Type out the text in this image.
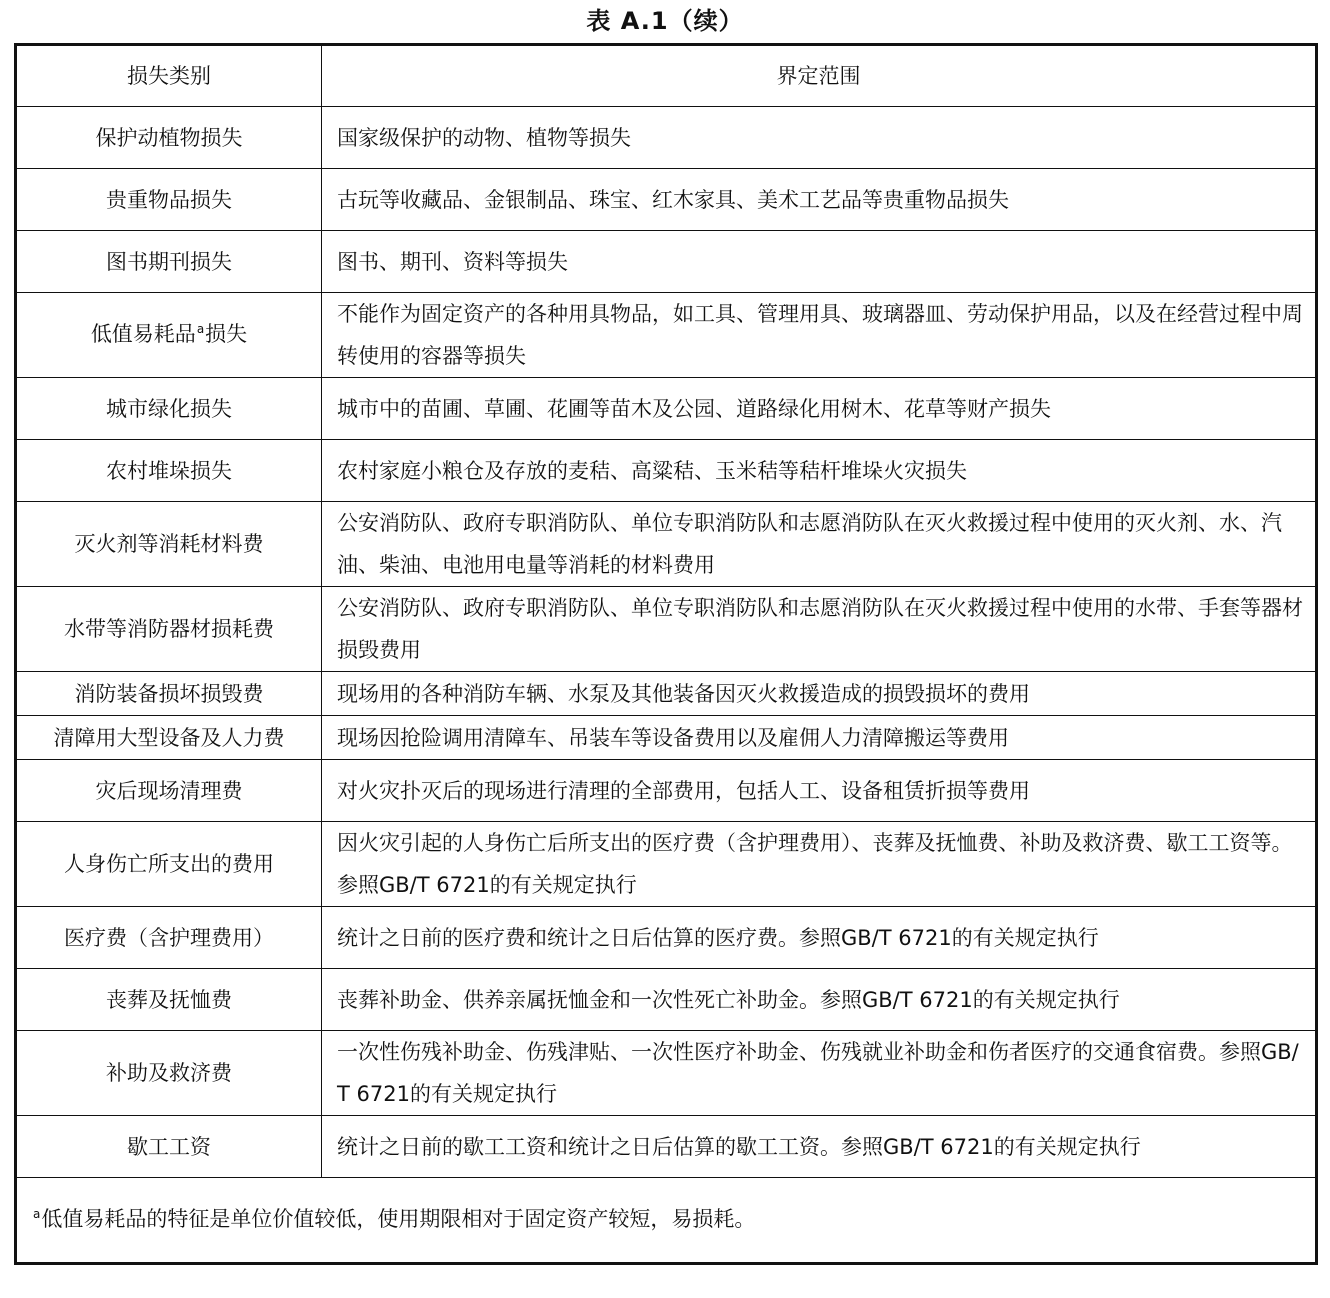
表 A.1（续）
损失类别	界定范围
保护动植物损失	国家级保护的动物、植物等损失
贵重物品损失	古玩等收藏品、金银制品、珠宝、红木家具、美术工艺品等贵重物品损失
图书期刊损失	图书、期刊、资料等损失
低值易耗品$^a$损失	不能作为固定资产的各种用具物品，如工具、管理用具、玻璃器皿、劳动保护用品，以及在经营过程中周转使用的容器等损失
城市绿化损失	城市中的苗圃、草圃、花圃等苗木及公园、道路绿化用树木、花草等财产损失
农村堆垛损失	农村家庭小粮仓及存放的麦秸、高粱秸、玉米秸等秸杆堆垛火灾损失
灭火剂等消耗材料费	公安消防队、政府专职消防队、单位专职消防队和志愿消防队在灭火救援过程中使用的灭火剂、水、汽油、柴油、电池用电量等消耗的材料费用
水带等消防器材损耗费	公安消防队、政府专职消防队、单位专职消防队和志愿消防队在灭火救援过程中使用的水带、手套等器材损毁费用
消防装备损坏损毁费	现场用的各种消防车辆、水泵及其他装备因灭火救援造成的损毁损坏的费用
清障用大型设备及人力费	现场因抢险调用清障车、吊装车等设备费用以及雇佣人力清障搬运等费用
灾后现场清理费	对火灾扑灭后的现场进行清理的全部费用，包括人工、设备租赁折损等费用
人身伤亡所支出的费用	因火灾引起的人身伤亡后所支出的医疗费（含护理费用）、丧葬及抚恤费、补助及救济费、歇工工资等。参照GB/T 6721的有关规定执行
医疗费（含护理费用）	统计之日前的医疗费和统计之日后估算的医疗费。参照GB/T 6721的有关规定执行
丧葬及抚恤费	丧葬补助金、供养亲属抚恤金和一次性死亡补助金。参照GB/T 6721的有关规定执行
补助及救济费	一次性伤残补助金、伤残津贴、一次性医疗补助金、伤残就业补助金和伤者医疗的交通食宿费。参照GB/T 6721的有关规定执行
歇工工资	统计之日前的歇工工资和统计之日后估算的歇工工资。参照GB/T 6721的有关规定执行
$^a$低值易耗品的特征是单位价值较低，使用期限相对于固定资产较短，易损耗。	
